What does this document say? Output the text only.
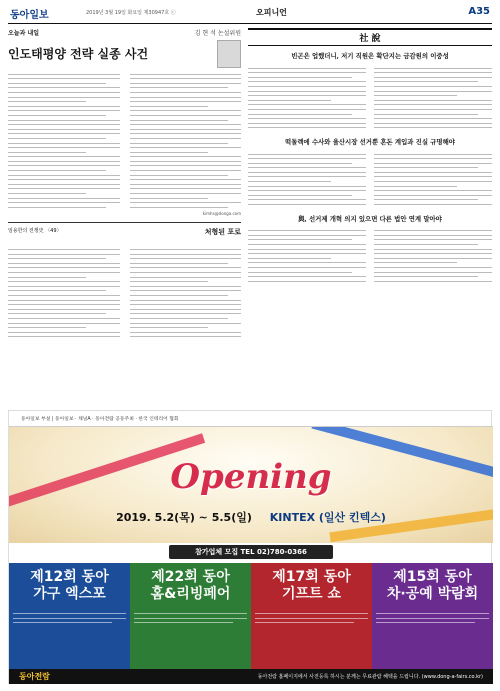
동아일보	2019년 3월 19일 화요일 제30947호 ⓒ	오피니언	A35
오늘과 내일	김 현 석 논설위원
인도태평양 전략 실종 사건
kimhs@donga.com
임용한의 전쟁史 〈49〉	처형된 포로
社 說
빈곤은 업했더니, 저기 직원은 확단지는 금감원의 이중성
떡돌렉에 수사와 울산시장 선거뿐 혼돈 계입과 진실 규명해야
與, 선거제 개혁 의지 있으면 다른 법안 연계 말아야
동아일보 부설 | 동아일보 · 채널A · 동아전람 공동주최 · 한국 인테리어 협회
Opening
2019. 5.2(목) ~ 5.5(일) KINTEX (일산 킨텍스)
참가업체 모집 TEL 02)780-0366
제12회 동아
가구 엑스포
제22회 동아
홈&리빙페어
제17회 동아
기프트 쇼
제15회 동아
차·공예 박람회
동아전람	동아전람 홈페이지에서 사전등록 하시는 분께는 무료관람 혜택을 드립니다. (www.dong-a-fairs.co.kr)
